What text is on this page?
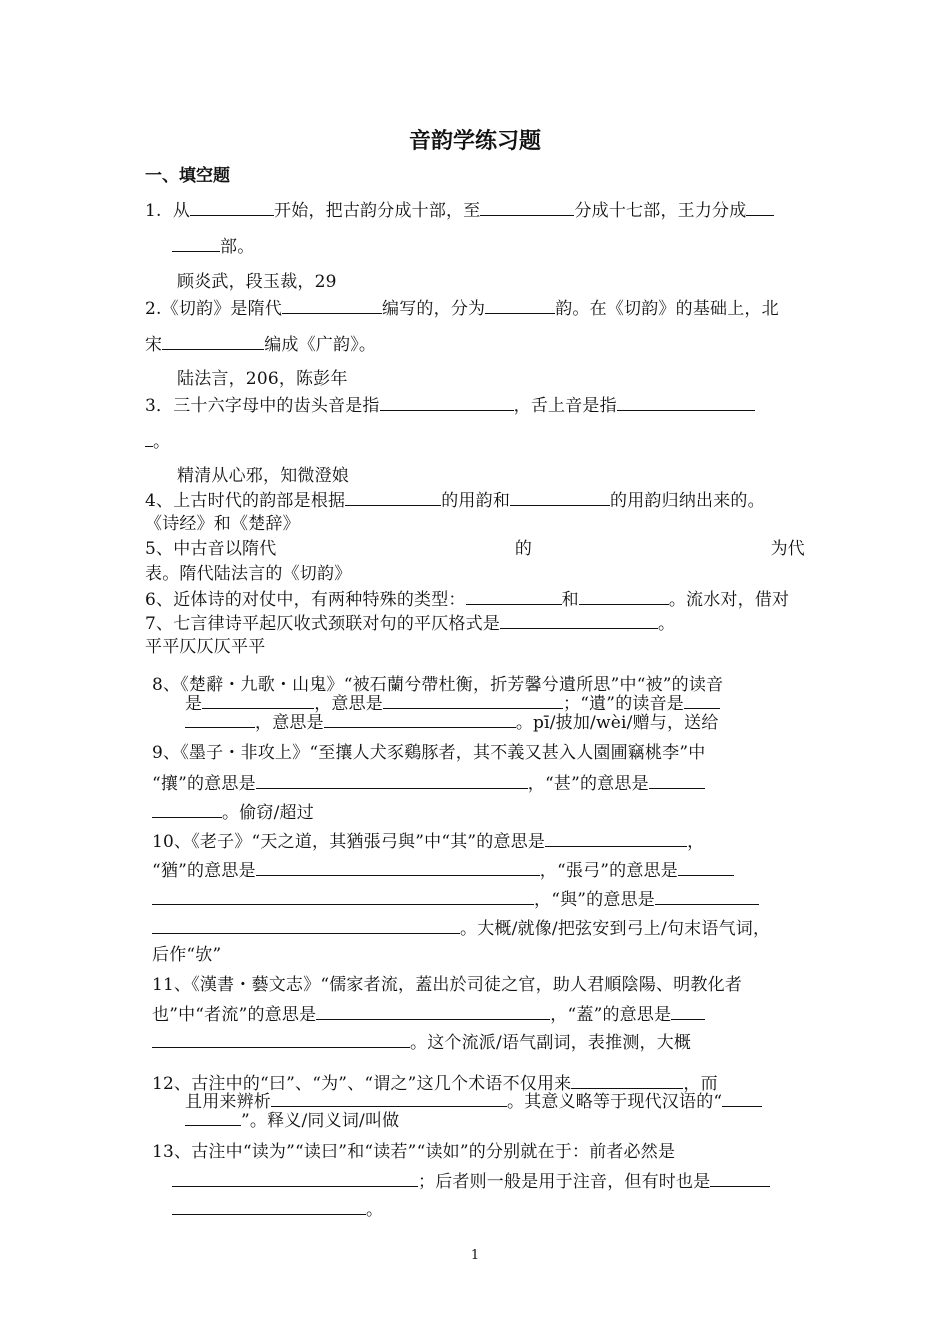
音韵学练习题
一、填空题
1. 从	开始，把古韵分成十部，至	分成十七部，王力分成
部。
顾炎武，段玉裁，29
2.《切韵》是隋代	编写的，分为	韵。在《切韵》的基础上，北
宋	编成《广韵》。
陆法言，206，陈彭年
3．三十六字母中的齿头音是指	，舌上音是指
。
精清从心邪，知微澄娘
4、上古时代的韵部是根据	的用韵和	的用韵归纳出来的。
《诗经》和《楚辞》
5、中古音以隋代	的	为代
表。隋代陆法言的《切韵》
6、近体诗的对仗中，有两种特殊的类型：	和	。流水对，借对
7、七言律诗平起仄收式颈联对句的平仄格式是	。
平平仄仄仄平平
8、《楚辭・九歌・山鬼》“被石蘭兮帶杜衡，折芳馨兮遺所思”中“被”的读音
是	，意思是	；“遺”的读音是
，意思是	。pī/披加/wèi/赠与，送给
9、《墨子・非攻上》“至攘人犬豕鷄豚者，其不義又甚入人園圃竊桃李”中
“攘”的意思是	，“甚”的意思是
。偷窃/超过
10、《老子》“天之道，其猶張弓與”中“其”的意思是	，
“猶”的意思是	，“張弓”的意思是
，“與”的意思是
。大概/就像/把弦安到弓上/句末语气词，
后作“欤”
11、《漢書・藝文志》“儒家者流，蓋出於司徒之官，助人君順陰陽、明教化者
也”中“者流”的意思是	，“蓋”的意思是
。这个流派/语气副词，表推测，大概
12、古注中的“曰”、“为”、“谓之”这几个术语不仅用来	，而
且用来辨析	。其意义略等于现代汉语的“
”。释义/同义词/叫做
13、古注中“读为”“读曰”和“读若”“读如”的分别就在于：前者必然是
；后者则一般是用于注音，但有时也是
。
1
